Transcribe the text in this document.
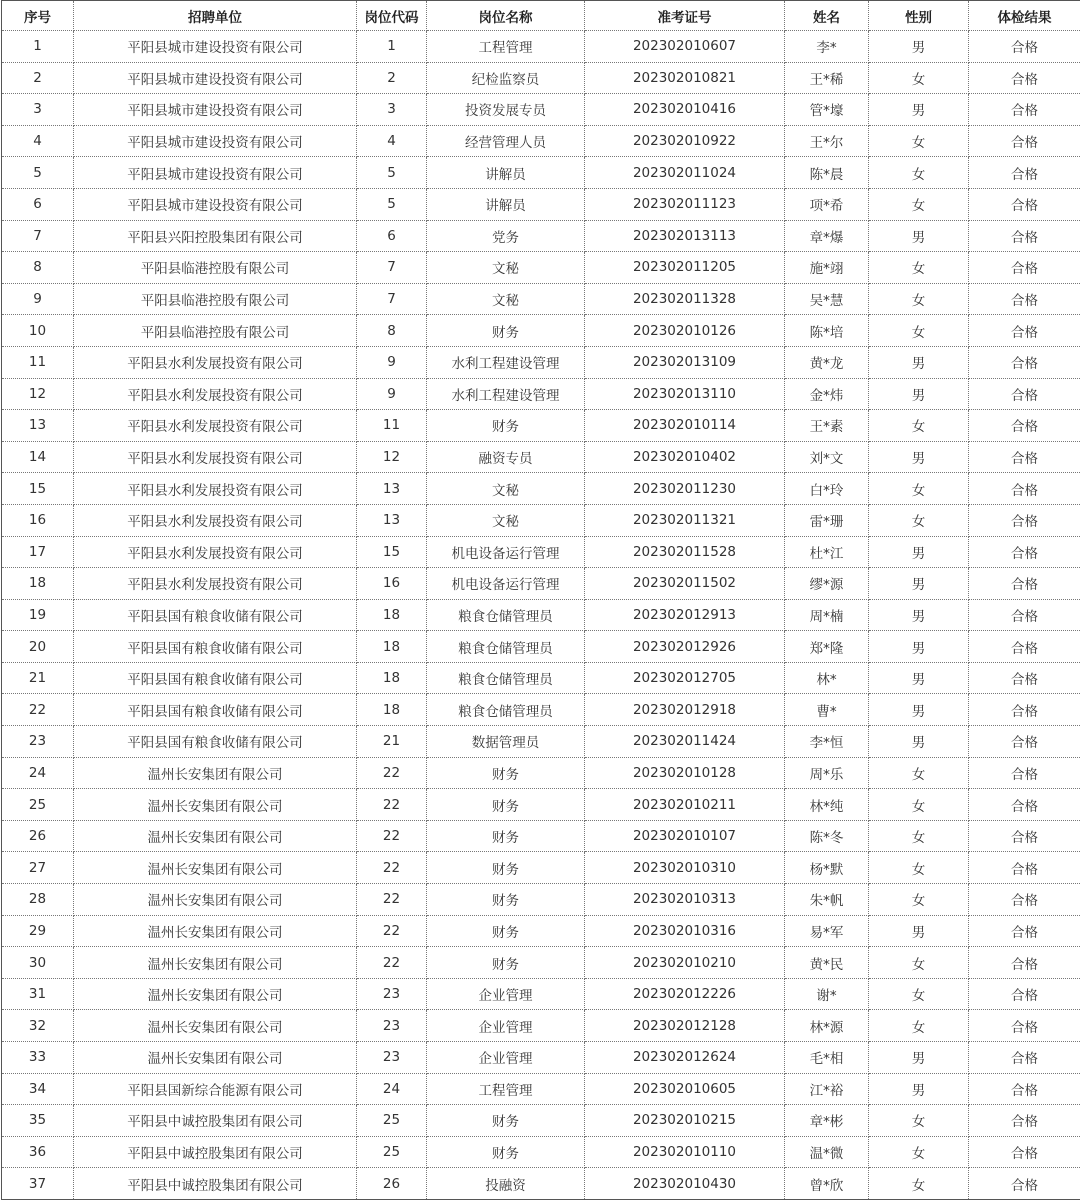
序号	招聘单位	岗位代码	岗位名称	准考证号	姓名	性别	体检结果
1	平阳县城市建设投资有限公司	1	工程管理	202302010607	李*	男	合格
2	平阳县城市建设投资有限公司	2	纪检监察员	202302010821	王*稀	女	合格
3	平阳县城市建设投资有限公司	3	投资发展专员	202302010416	管*壕	男	合格
4	平阳县城市建设投资有限公司	4	经营管理人员	202302010922	王*尔	女	合格
5	平阳县城市建设投资有限公司	5	讲解员	202302011024	陈*晨	女	合格
6	平阳县城市建设投资有限公司	5	讲解员	202302011123	项*希	女	合格
7	平阳县兴阳控股集团有限公司	6	党务	202302013113	章*爆	男	合格
8	平阳县临港控股有限公司	7	文秘	202302011205	施*翊	女	合格
9	平阳县临港控股有限公司	7	文秘	202302011328	吴*慧	女	合格
10	平阳县临港控股有限公司	8	财务	202302010126	陈*培	女	合格
11	平阳县水利发展投资有限公司	9	水利工程建设管理	202302013109	黄*龙	男	合格
12	平阳县水利发展投资有限公司	9	水利工程建设管理	202302013110	金*炜	男	合格
13	平阳县水利发展投资有限公司	11	财务	202302010114	王*素	女	合格
14	平阳县水利发展投资有限公司	12	融资专员	202302010402	刘*文	男	合格
15	平阳县水利发展投资有限公司	13	文秘	202302011230	白*玲	女	合格
16	平阳县水利发展投资有限公司	13	文秘	202302011321	雷*珊	女	合格
17	平阳县水利发展投资有限公司	15	机电设备运行管理	202302011528	杜*江	男	合格
18	平阳县水利发展投资有限公司	16	机电设备运行管理	202302011502	缪*源	男	合格
19	平阳县国有粮食收储有限公司	18	粮食仓储管理员	202302012913	周*楠	男	合格
20	平阳县国有粮食收储有限公司	18	粮食仓储管理员	202302012926	郑*隆	男	合格
21	平阳县国有粮食收储有限公司	18	粮食仓储管理员	202302012705	林*	男	合格
22	平阳县国有粮食收储有限公司	18	粮食仓储管理员	202302012918	曹*	男	合格
23	平阳县国有粮食收储有限公司	21	数据管理员	202302011424	李*恒	男	合格
24	温州长安集团有限公司	22	财务	202302010128	周*乐	女	合格
25	温州长安集团有限公司	22	财务	202302010211	林*纯	女	合格
26	温州长安集团有限公司	22	财务	202302010107	陈*冬	女	合格
27	温州长安集团有限公司	22	财务	202302010310	杨*默	女	合格
28	温州长安集团有限公司	22	财务	202302010313	朱*帆	女	合格
29	温州长安集团有限公司	22	财务	202302010316	易*军	男	合格
30	温州长安集团有限公司	22	财务	202302010210	黄*民	女	合格
31	温州长安集团有限公司	23	企业管理	202302012226	谢*	女	合格
32	温州长安集团有限公司	23	企业管理	202302012128	林*源	女	合格
33	温州长安集团有限公司	23	企业管理	202302012624	毛*相	男	合格
34	平阳县国新综合能源有限公司	24	工程管理	202302010605	江*裕	男	合格
35	平阳县中诚控股集团有限公司	25	财务	202302010215	章*彬	女	合格
36	平阳县中诚控股集团有限公司	25	财务	202302010110	温*微	女	合格
37	平阳县中诚控股集团有限公司	26	投融资	202302010430	曾*欣	女	合格
